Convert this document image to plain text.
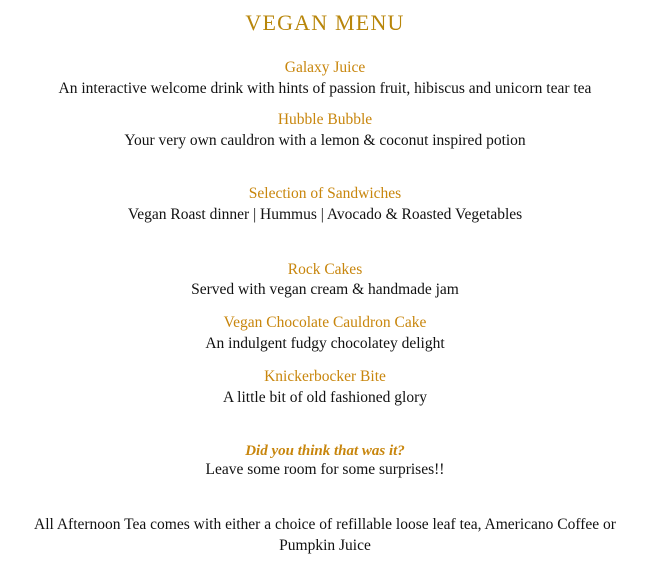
VEGAN MENU
Galaxy Juice
An interactive welcome drink with hints of passion fruit, hibiscus and unicorn tear tea
Hubble Bubble
Your very own cauldron with a lemon & coconut inspired potion
Selection of Sandwiches
Vegan Roast dinner | Hummus | Avocado & Roasted Vegetables
Rock Cakes
Served with vegan cream & handmade jam
Vegan Chocolate Cauldron Cake
An indulgent fudgy chocolatey delight
Knickerbocker Bite
A little bit of old fashioned glory
Did you think that was it?
Leave some room for some surprises!!
All Afternoon Tea comes with either a choice of refillable loose leaf tea, Americano Coffee or Pumpkin Juice
